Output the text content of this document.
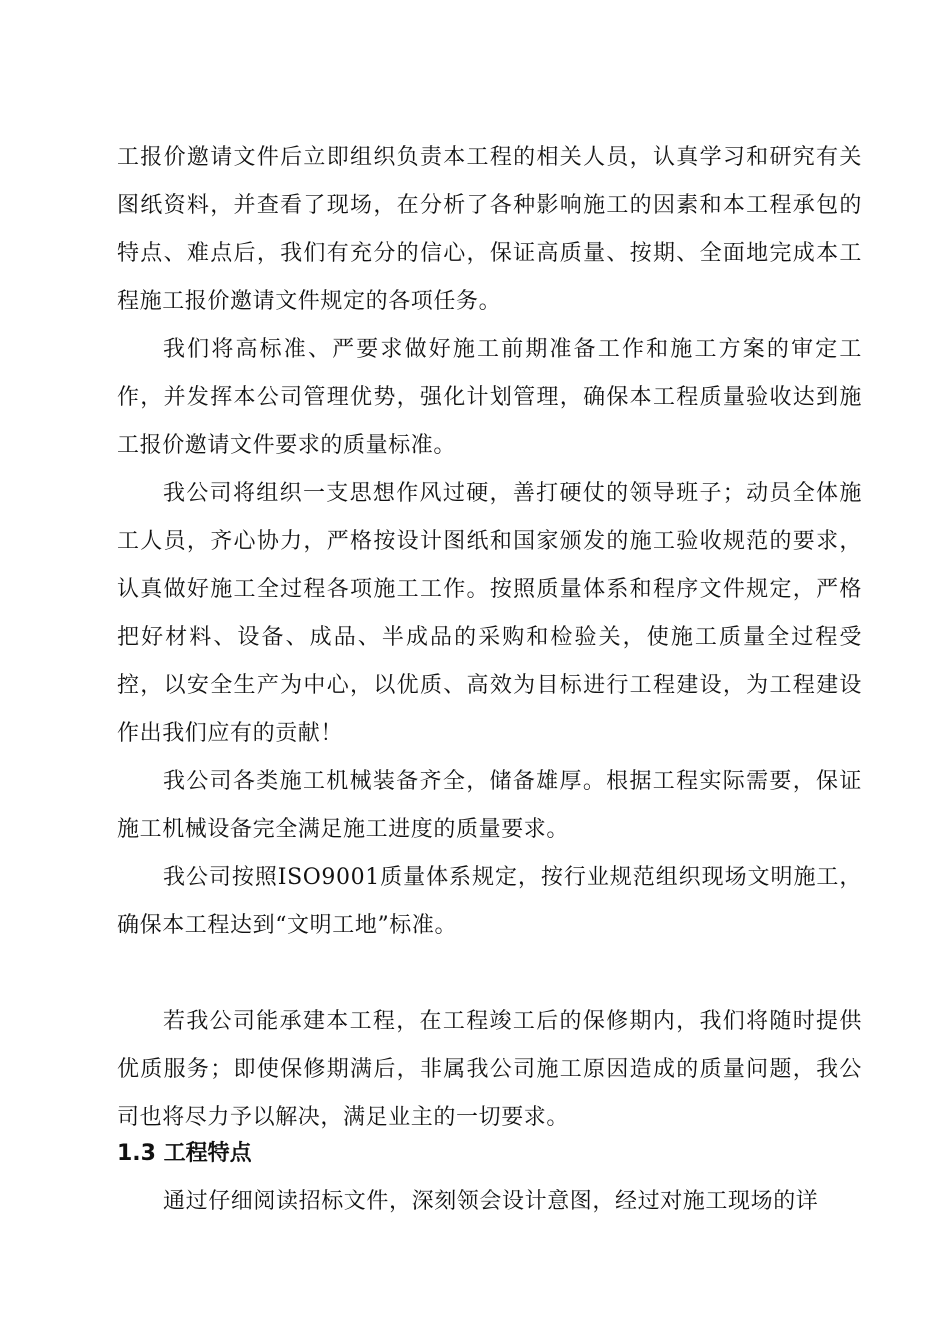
工报价邀请文件后立即组织负责本工程的相关人员，认真学习和研究有关图纸资料，并查看了现场，在分析了各种影响施工的因素和本工程承包的特点、难点后，我们有充分的信心，保证高质量、按期、全面地完成本工程施工报价邀请文件规定的各项任务。

我们将高标准、严要求做好施工前期准备工作和施工方案的审定工作，并发挥本公司管理优势，强化计划管理，确保本工程质量验收达到施工报价邀请文件要求的质量标准。

我公司将组织一支思想作风过硬，善打硬仗的领导班子；动员全体施工人员，齐心协力，严格按设计图纸和国家颁发的施工验收规范的要求，认真做好施工全过程各项施工工作。按照质量体系和程序文件规定，严格把好材料、设备、成品、半成品的采购和检验关，使施工质量全过程受控，以安全生产为中心，以优质、高效为目标进行工程建设，为工程建设作出我们应有的贡献！

我公司各类施工机械装备齐全，储备雄厚。根据工程实际需要，保证施工机械设备完全满足施工进度的质量要求。

我公司按照ISO9001质量体系规定，按行业规范组织现场文明施工，确保本工程达到“文明工地”标准。

若我公司能承建本工程，在工程竣工后的保修期内，我们将随时提供优质服务；即使保修期满后，非属我公司施工原因造成的质量问题，我公司也将尽力予以解决，满足业主的一切要求。

1.3 工程特点

通过仔细阅读招标文件，深刻领会设计意图，经过对施工现场的详
